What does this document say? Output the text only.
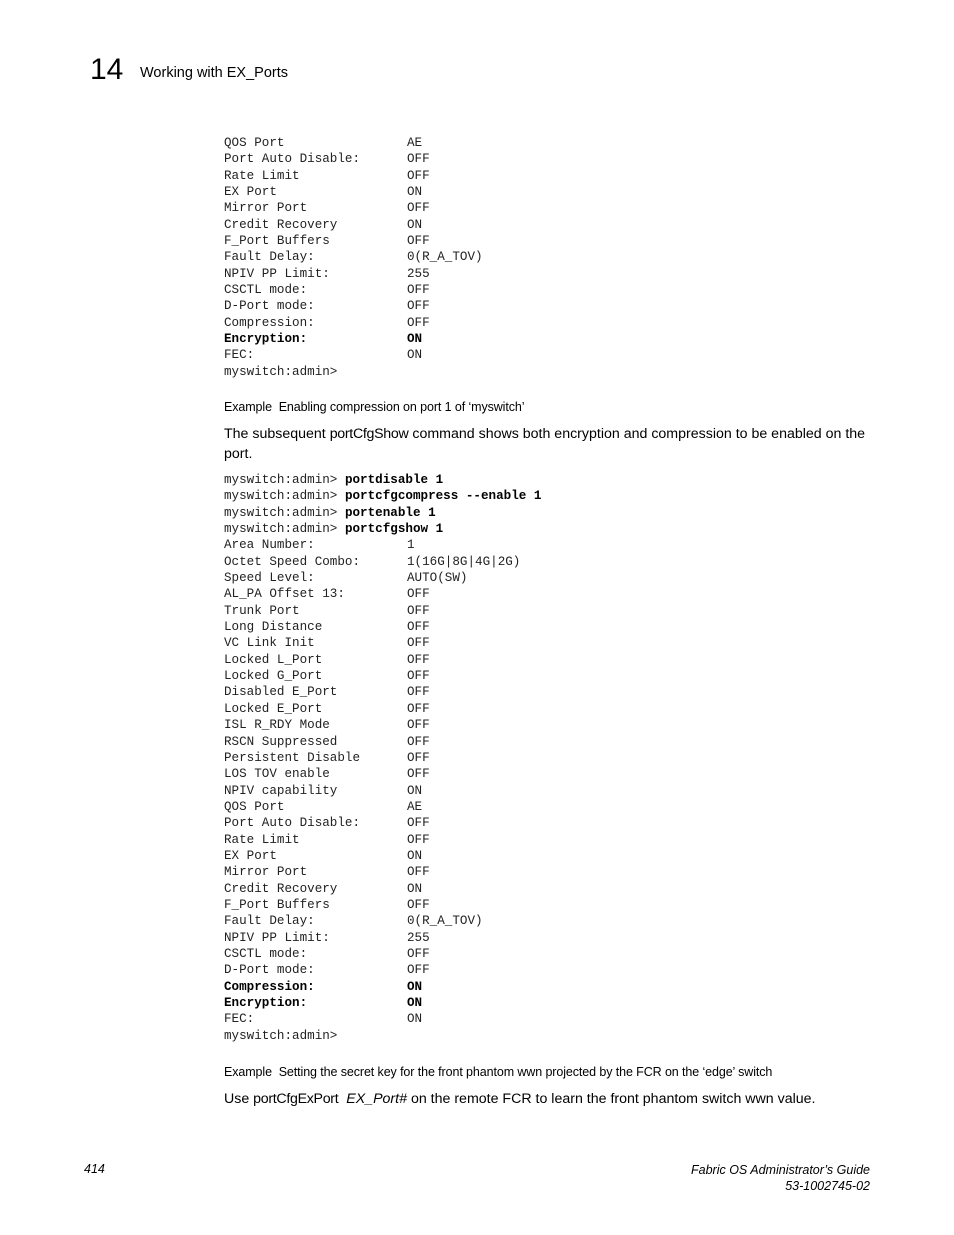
14 Working with EX_Ports
QOS Port	AE
Port Auto Disable:	OFF
Rate Limit	OFF
EX Port	ON
Mirror Port	OFF
Credit Recovery	ON
F_Port Buffers	OFF
Fault Delay:	0(R_A_TOV)
NPIV PP Limit:	255
CSCTL mode:	OFF
D-Port mode:	OFF
Compression:	OFF
Encryption:	ON
FEC:	ON
myswitch:admin>
Example Enabling compression on port 1 of ‘myswitch’
The subsequent portCfgShow command shows both encryption and compression to be enabled on the port.
myswitch:admin> portdisable 1
myswitch:admin> portcfgcompress --enable 1
myswitch:admin> portenable 1
myswitch:admin> portcfgshow 1
Area Number:	1
Octet Speed Combo:	1(16G|8G|4G|2G)
Speed Level:	AUTO(SW)
AL_PA Offset 13:	OFF
Trunk Port	OFF
Long Distance	OFF
VC Link Init	OFF
Locked L_Port	OFF
Locked G_Port	OFF
Disabled E_Port	OFF
Locked E_Port	OFF
ISL R_RDY Mode	OFF
RSCN Suppressed	OFF
Persistent Disable	OFF
LOS TOV enable	OFF
NPIV capability	ON
QOS Port	AE
Port Auto Disable:	OFF
Rate Limit	OFF
EX Port	ON
Mirror Port	OFF
Credit Recovery	ON
F_Port Buffers	OFF
Fault Delay:	0(R_A_TOV)
NPIV PP Limit:	255
CSCTL mode:	OFF
D-Port mode:	OFF
Compression:	ON
Encryption:	ON
FEC:	ON
myswitch:admin>
Example Setting the secret key for the front phantom wwn projected by the FCR on the ‘edge’ switch
Use portCfgExPort EX_Port# on the remote FCR to learn the front phantom switch wwn value.
414	Fabric OS Administrator’s Guide
53-1002745-02
